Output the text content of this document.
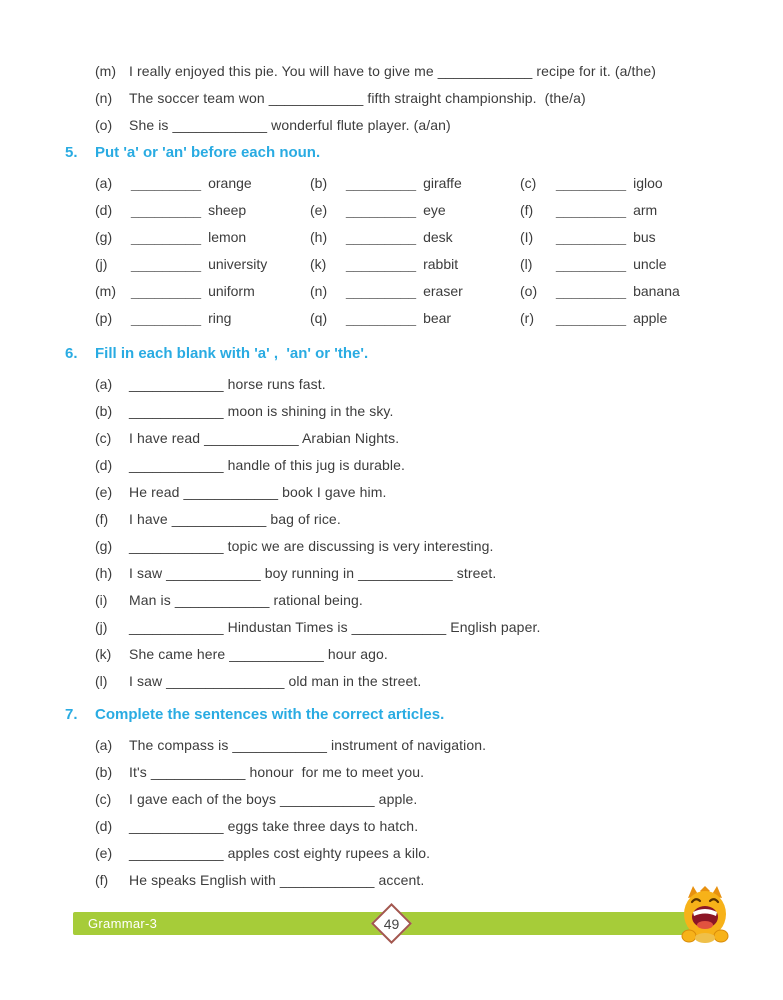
(m) I really enjoyed this pie. You will have to give me ____________ recipe for it. (a/the)
(n)	The soccer team won ____________ fifth straight championship.  (the/a)
(o)	She is ____________ wonderful flute player. (a/an)
5.	Put 'a' or 'an' before each noun.
(a)	_________ orange	(b)	_________ giraffe	(c)	_________ igloo
(d)	_________ sheep	(e)	_________ eye	(f)	_________ arm
(g)	_________ lemon	(h)	_________ desk	(I)	_________ bus
(j)	_________ university	(k)	_________ rabbit	(l)	_________ uncle
(m)	_________ uniform	(n)	_________ eraser	(o)	_________ banana
(p)	_________ ring	(q)	_________ bear	(r)	_________ apple
6.	Fill in each blank with 'a' ,  'an' or 'the'.
(a)	____________ horse runs fast.
(b)	____________ moon is shining in the sky.
(c)	I have read ____________ Arabian Nights.
(d)	____________ handle of this jug is durable.
(e)	He read ____________ book I gave him.
(f)	I have ____________ bag of rice.
(g)	____________ topic we are discussing is very interesting.
(h)	I saw ____________ boy running in ____________ street.
(i)	Man is ____________ rational being.
(j)	____________ Hindustan Times is ____________ English paper.
(k)	She came here ____________ hour ago.
(l)	I saw _______________ old man in the street.
7.	Complete the sentences with the correct articles.
(a)	The compass is ____________ instrument of navigation.
(b)	It's ____________ honour  for me to meet you.
(c)	I gave each of the boys ____________ apple.
(d)	____________ eggs take three days to hatch.
(e)	____________ apples cost eighty rupees a kilo.
(f)	He speaks English with ____________ accent.
Grammar-3	49
